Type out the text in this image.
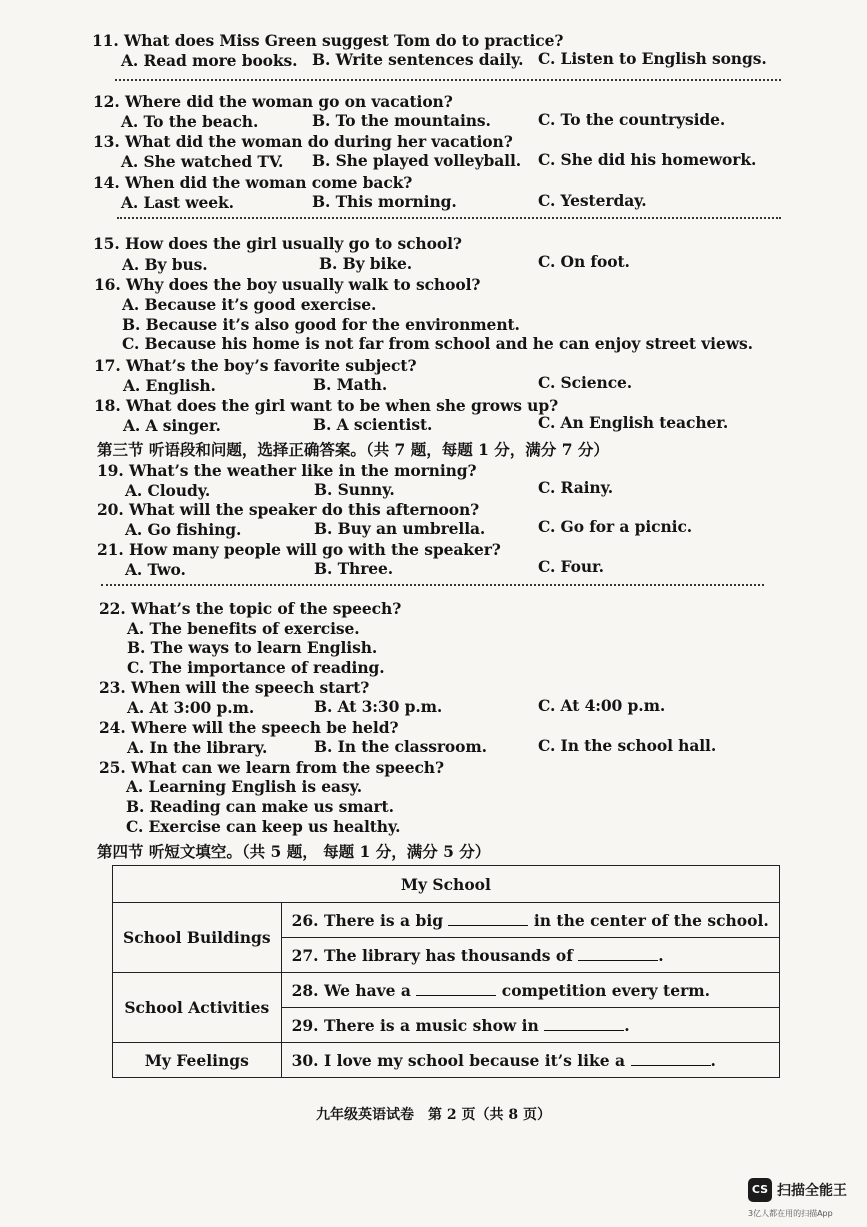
11. What does Miss Green suggest Tom do to practice?
A. Read more books. B. Write sentences daily. C. Listen to English songs.
12. Where did the woman go on vacation?
A. To the beach.	B. To the mountains.	C. To the countryside.
13. What did the woman do during her vacation?
A. She watched TV. B. She played volleyball. C. She did his homework.
14. When did the woman come back?
A. Last week.	B. This morning.	C. Yesterday.
15. How does the girl usually go to school?
A. By bus.	B. By bike.	C. On foot.
16. Why does the boy usually walk to school?
A. Because it’s good exercise.
B. Because it’s also good for the environment.
C. Because his home is not far from school and he can enjoy street views.
17. What’s the boy’s favorite subject?
A. English.	B. Math.	C. Science.
18. What does the girl want to be when she grows up?
A. A singer.	B. A scientist.	C. An English teacher.
第三节 听语段和问题，选择正确答案。（共 7 题，每题 1 分，满分 7 分）
19. What’s the weather like in the morning?
A. Cloudy.	B. Sunny.	C. Rainy.
20. What will the speaker do this afternoon?
A. Go fishing.	B. Buy an umbrella.	C. Go for a picnic.
21. How many people will go with the speaker?
A. Two.	B. Three.	C. Four.
22. What’s the topic of the speech?
A. The benefits of exercise.
B. The ways to learn English.
C. The importance of reading.
23. When will the speech start?
A. At 3:00 p.m.	B. At 3:30 p.m.	C. At 4:00 p.m.
24. Where will the speech be held?
A. In the library.	B. In the classroom.	C. In the school hall.
25. What can we learn from the speech?
A. Learning English is easy.
B. Reading can make us smart.
C. Exercise can keep us healthy.
第四节 听短文填空。（共 5 题， 每题 1 分，满分 5 分）
My School	
School Buildings	26. There is a big in the center of the school.
	27. The library has thousands of .
School Activities	28. We have a competition every term.
	29. There is a music show in .
My Feelings	30. I love my school because it’s like a .
九年级英语试卷　第 2 页（共 8 页）
CS 扫描全能王
3亿人都在用的扫描App
